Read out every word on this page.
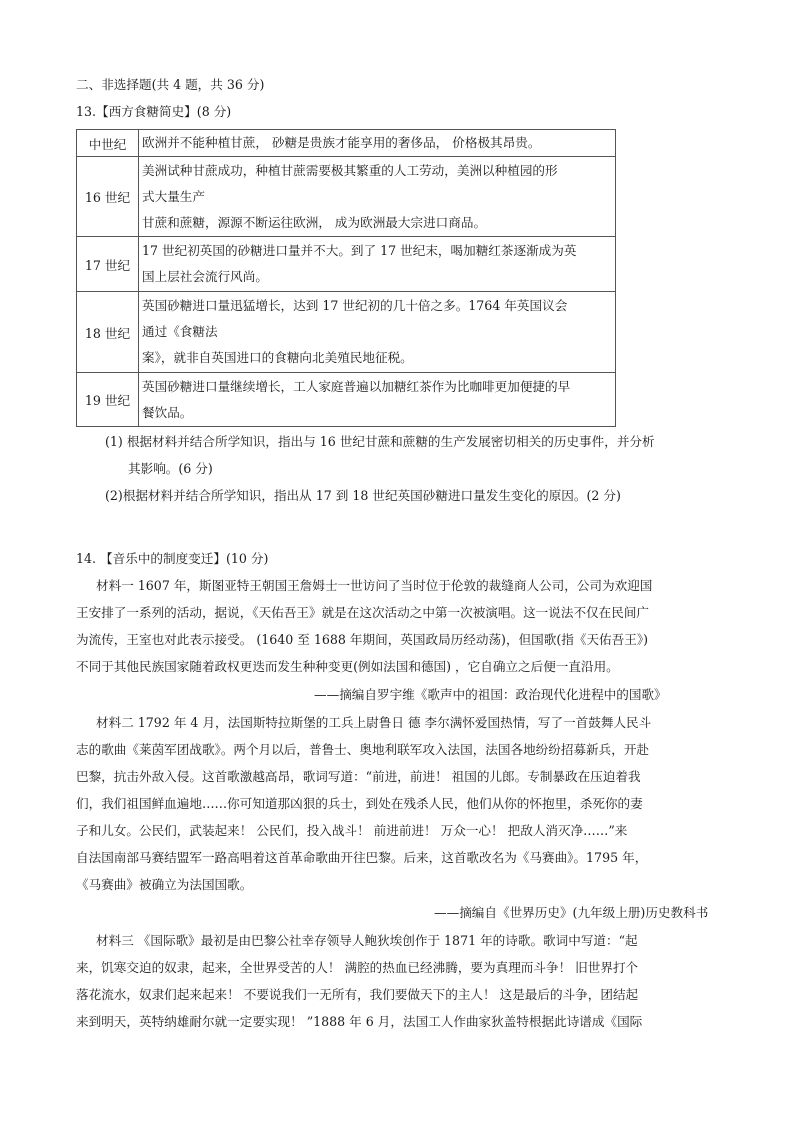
二、非选择题(共 4 题，共 36 分)
13.【西方食糖简史】(8 分)
中世纪	欧洲并不能种植甘蔗， 砂糖是贵族才能享用的奢侈品， 价格极其昂贵。

16 世纪	美洲试种甘蔗成功，种植甘蔗需要极其繁重的人工劳动，美洲以种植园的形
式大量生产
甘蔗和蔗糖，源源不断运往欧洲， 成为欧洲最大宗进口商品。

17 世纪	17 世纪初英国的砂糖进口量并不大。到了 17 世纪末，喝加糖红茶逐渐成为英
国上层社会流行风尚。

18 世纪	英国砂糖进口量迅猛增长，达到 17 世纪初的几十倍之多。1764 年英国议会
通过《食糖法
案》，就非自英国进口的食糖向北美殖民地征税。

19 世纪	英国砂糖进口量继续增长，工人家庭普遍以加糖红茶作为比咖啡更加便捷的早
餐饮品。
(1) 根据材料并结合所学知识，指出与 16 世纪甘蔗和蔗糖的生产发展密切相关的历史事件，并分析
其影响。(6 分)
(2)根据材料并结合所学知识，指出从 17 到 18 世纪英国砂糖进口量发生变化的原因。(2 分)
14. 【音乐中的制度变迁】(10 分)
材料一 1607 年，斯图亚特王朝国王詹姆士一世访问了当时位于伦敦的裁缝商人公司，公司为欢迎国
王安排了一系列的活动，据说，《天佑吾王》就是在这次活动之中第一次被演唱。这一说法不仅在民间广
为流传，王室也对此表示接受。 (1640 至 1688 年期间，英国政局历经动荡)，但国歌(指《天佑吾王》)
不同于其他民族国家随着政权更迭而发生种种变更(例如法国和德国) ，它自确立之后便一直沿用。
——摘编自罗宇维《歌声中的祖国：政治现代化进程中的国歌》
材料二 1792 年 4 月，法国斯特拉斯堡的工兵上尉鲁日 德 李尔满怀爱国热情，写了一首鼓舞人民斗
志的歌曲《莱茵军团战歌》。两个月以后，普鲁士、奥地利联军攻入法国，法国各地纷纷招募新兵，开赴
巴黎，抗击外敌入侵。这首歌激越高昂，歌词写道：“前进，前进！ 祖国的儿郎。专制暴政在压迫着我
们，我们祖国鲜血遍地……你可知道那凶狠的兵士，到处在残杀人民，他们从你的怀抱里，杀死你的妻
子和儿女。公民们，武装起来！ 公民们，投入战斗！ 前进前进！ 万众一心！ 把敌人消灭净……”来
自法国南部马赛结盟军一路高唱着这首革命歌曲开往巴黎。后来，这首歌改名为《马赛曲》。1795 年，
《马赛曲》被确立为法国国歌。
——摘编自《世界历史》(九年级上册)历史教科书
材料三 《国际歌》最初是由巴黎公社幸存领导人鲍狄埃创作于 1871 年的诗歌。歌词中写道：“起
来，饥寒交迫的奴隶，起来，全世界受苦的人！ 满腔的热血已经沸腾，要为真理而斗争！ 旧世界打个
落花流水，奴隶们起来起来！ 不要说我们一无所有，我们要做天下的主人！ 这是最后的斗争，团结起
来到明天，英特纳雄耐尔就一定要实现！ ”1888 年 6 月，法国工人作曲家狄盖特根据此诗谱成《国际
